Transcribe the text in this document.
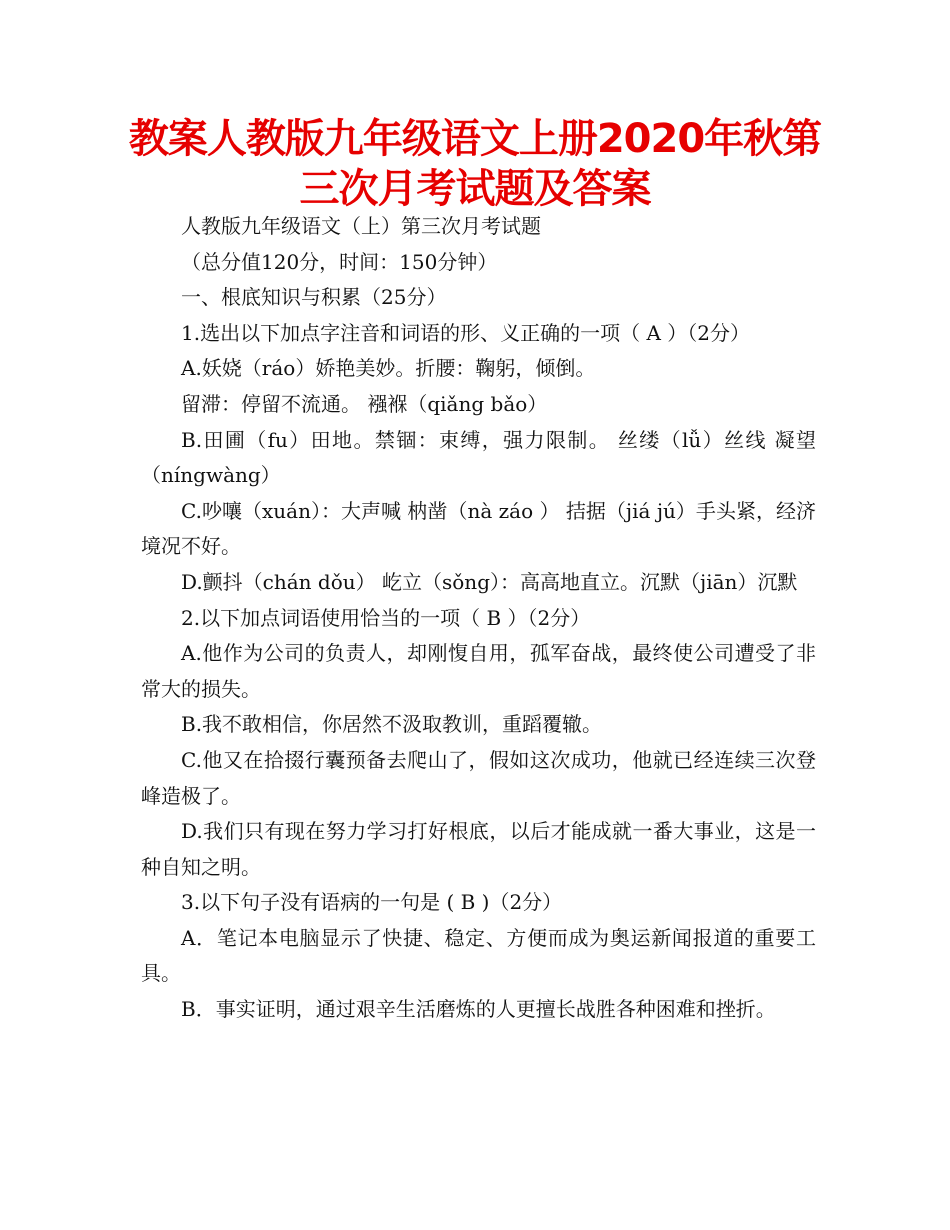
教案人教版九年级语文上册2020年秋第三次月考试题及答案

人教版九年级语文（上）第三次月考试题

（总分值120分，时间：150分钟）

一、根底知识与积累（25分）

1.选出以下加点字注音和词语的形、义正确的一项（ A ）（2分）

A.妖娆（ráo）娇艳美妙。折腰：鞠躬，倾倒。

留滞：停留不流通。 襁褓（qiǎng bǎo）

B.田圃（fu）田地。禁锢：束缚，强力限制。 丝缕（lǚ）丝线 凝望（níngwàng）

C.吵嚷（xuán）：大声喊 枘凿（nà záo ） 拮据（jiá jú）手头紧，经济境况不好。

D.颤抖（chán dǒu） 屹立（sǒng）：高高地直立。沉默（jiān）沉默

2.以下加点词语使用恰当的一项（ B ）（2分）

A.他作为公司的负责人，却刚愎自用，孤军奋战，最终使公司遭受了非常大的损失。

B.我不敢相信，你居然不汲取教训，重蹈覆辙。

C.他又在拾掇行囊预备去爬山了，假如这次成功，他就已经连续三次登峰造极了。

D.我们只有现在努力学习打好根底，以后才能成就一番大事业，这是一种自知之明。

3.以下句子没有语病的一句是 ( B )（2分）

A．笔记本电脑显示了快捷、稳定、方便而成为奥运新闻报道的重要工具。

B．事实证明，通过艰辛生活磨炼的人更擅长战胜各种困难和挫折。
